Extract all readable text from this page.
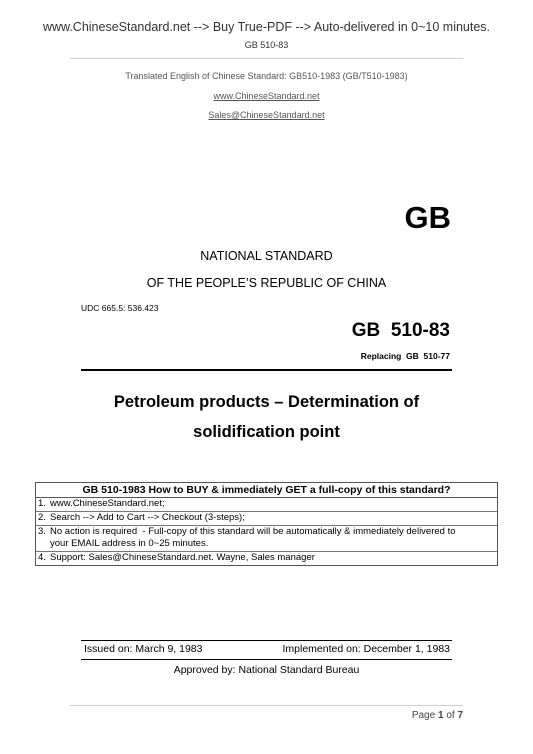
www.ChineseStandard.net --> Buy True-PDF --> Auto-delivered in 0~10 minutes.
GB 510-83
Translated English of Chinese Standard: GB510-1983 (GB/T510-1983)
www.ChineseStandard.net
Sales@ChineseStandard.net
GB
NATIONAL STANDARD
OF THE PEOPLE’S REPUBLIC OF CHINA
UDC 665.5: 536.423
GB  510-83
Replacing  GB  510-77
Petroleum products – Determination of
solidification point
GB 510-1983 How to BUY & immediately GET a full-copy of this standard?
1. www.ChineseStandard.net;
2. Search --> Add to Cart --> Checkout (3-steps);
3. No action is required  - Full-copy of this standard will be automatically & immediately delivered to
your EMAIL address in 0~25 minutes.
4. Support: Sales@ChineseStandard.net. Wayne, Sales manager
Issued on: March 9, 1983	Implemented on: December 1, 1983
Approved by: National Standard Bureau
Page 1 of 7
